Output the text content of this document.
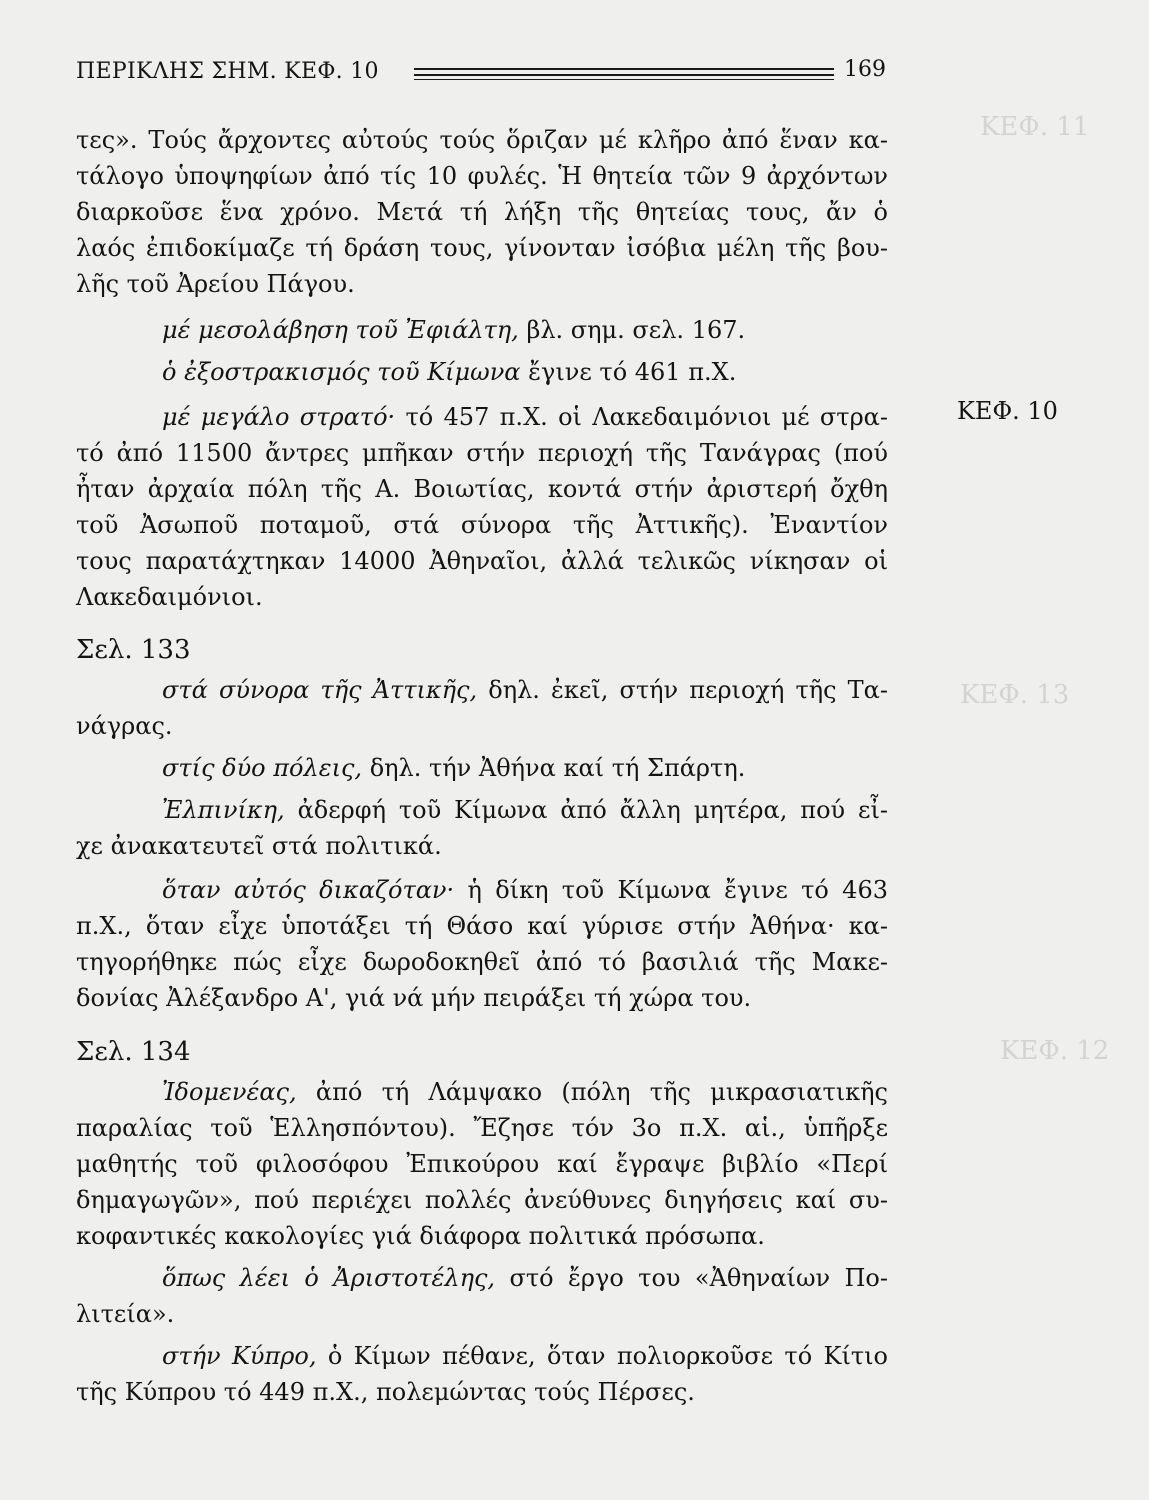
ΚΕΦ. 11
ΚΕΦ. 13
ΚΕΦ. 12
ΠΕΡΙΚΛΗΣ ΣΗΜ. ΚΕΦ. 10	169
ΚΕΦ. 10
τες». Τούς ἄρχοντες αὐτούς τούς ὅριζαν μέ κλῆρο ἀπό ἕναν κα-
τάλογο ὑποψηφίων ἀπό τίς 10 φυλές. Ἡ θητεία τῶν 9 ἀρχόντων
διαρκοῦσε ἕνα χρόνο. Μετά τή λήξη τῆς θητείας τους, ἄν ὁ
λαός ἐπιδοκίμαζε τή δράση τους, γίνονταν ἰσόβια μέλη τῆς βου-
λῆς τοῦ Ἀρείου Πάγου.
μέ μεσολάβηση τοῦ Ἐφιάλτη, βλ. σημ. σελ. 167.
ὁ ἐξοστρακισμός τοῦ Κίμωνα ἔγινε τό 461 π.Χ.
μέ μεγάλο στρατό· τό 457 π.Χ. οἱ Λακεδαιμόνιοι μέ στρα-
τό ἀπό 11500 ἄντρες μπῆκαν στήν περιοχή τῆς Τανάγρας (πού
ἦταν ἀρχαία πόλη τῆς Α. Βοιωτίας, κοντά στήν ἀριστερή ὄχθη
τοῦ Ἀσωποῦ ποταμοῦ, στά σύνορα τῆς Ἀττικῆς). Ἐναντίον
τους παρατάχτηκαν 14000 Ἀθηναῖοι, ἀλλά τελικῶς νίκησαν οἱ
Λακεδαιμόνιοι.
Σελ. 133
στά σύνορα τῆς Ἀττικῆς, δηλ. ἐκεῖ, στήν περιοχή τῆς Τα-
νάγρας.
στίς δύο πόλεις, δηλ. τήν Ἀθήνα καί τή Σπάρτη.
Ἐλπινίκη, ἀδερφή τοῦ Κίμωνα ἀπό ἄλλη μητέρα, πού εἶ-
χε ἀνακατευτεῖ στά πολιτικά.
ὅταν αὐτός δικαζόταν· ἡ δίκη τοῦ Κίμωνα ἔγινε τό 463
π.Χ., ὅταν εἶχε ὑποτάξει τή Θάσο καί γύρισε στήν Ἀθήνα· κα-
τηγορήθηκε πώς εἶχε δωροδοκηθεῖ ἀπό τό βασιλιά τῆς Μακε-
δονίας Ἀλέξανδρο Α', γιά νά μήν πειράξει τή χώρα του.
Σελ. 134
Ἰδομενέας, ἀπό τή Λάμψακο (πόλη τῆς μικρασιατικῆς
παραλίας τοῦ Ἑλλησπόντου). Ἔζησε τόν 3ο π.Χ. αἱ., ὑπῆρξε
μαθητής τοῦ φιλοσόφου Ἐπικούρου καί ἔγραψε βιβλίο «Περί
δημαγωγῶν», πού περιέχει πολλές ἀνεύθυνες διηγήσεις καί συ-
κοφαντικές κακολογίες γιά διάφορα πολιτικά πρόσωπα.
ὅπως λέει ὁ Ἀριστοτέλης, στό ἔργο του «Ἀθηναίων Πο-
λιτεία».
στήν Κύπρο, ὁ Κίμων πέθανε, ὅταν πολιορκοῦσε τό Κίτιο
τῆς Κύπρου τό 449 π.Χ., πολεμώντας τούς Πέρσες.
